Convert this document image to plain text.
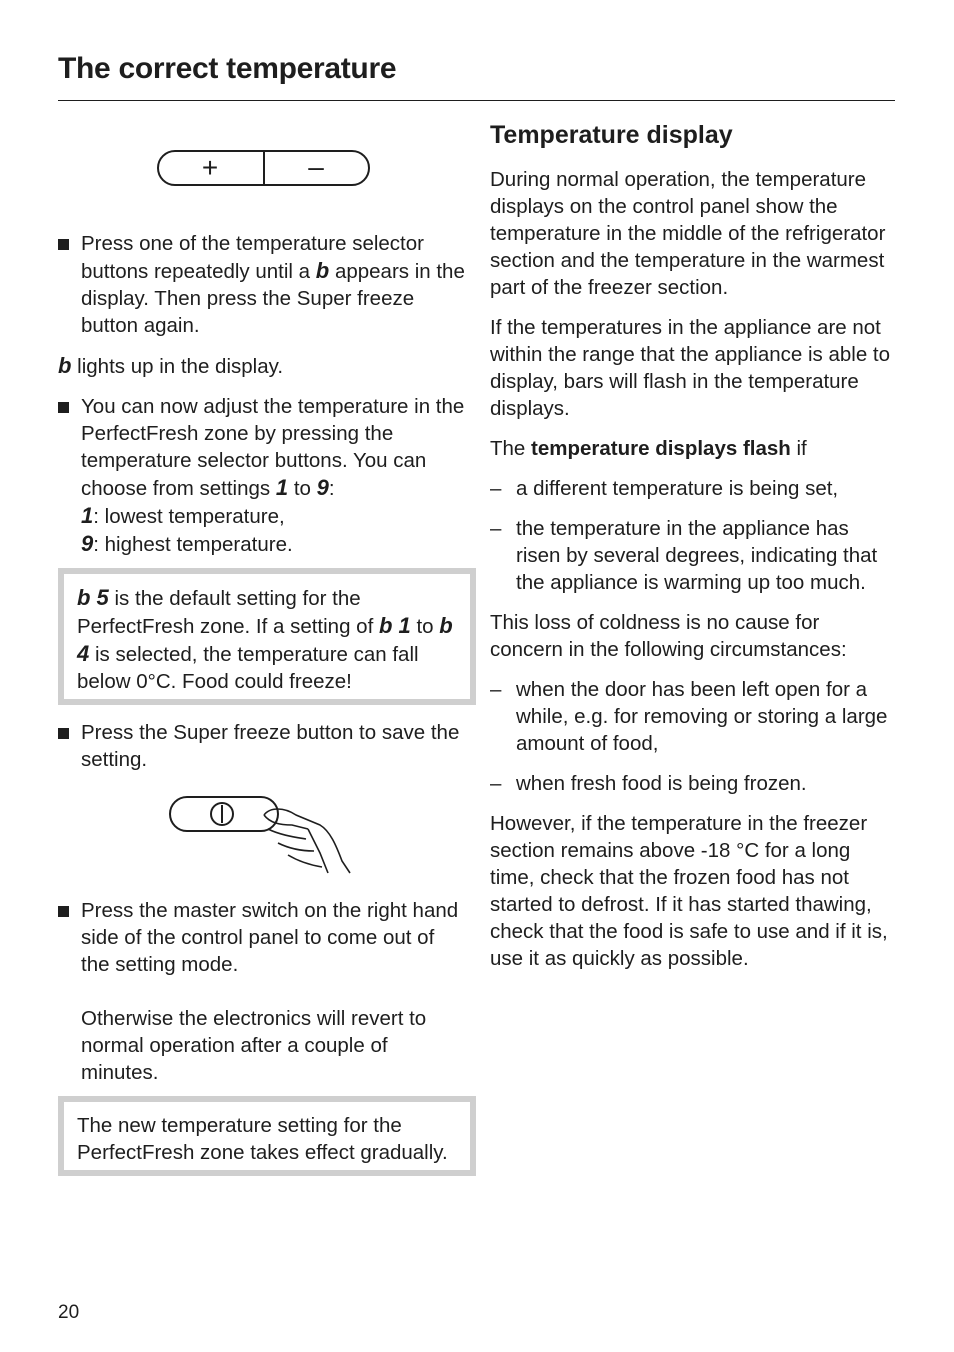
The correct temperature
+	–
Press one of the temperature selector buttons repeatedly until a b appears in the display. Then press the Super freeze button again.

b lights up in the display.

You can now adjust the temperature in the PerfectFresh zone by pressing the temperature selector buttons. You can choose from settings 1 to 9:
1: lowest temperature,
9: highest temperature.
b 5 is the default setting for the PerfectFresh zone. If a setting of b 1 to b 4 is selected, the temperature can fall below 0°C. Food could freeze!
Press the Super freeze button to save the setting.
Press the master switch on the right hand side of the control panel to come out of the setting mode.

Otherwise the electronics will revert to normal operation after a couple of minutes.

The new temperature setting for the PerfectFresh zone takes effect gradually.
Temperature display

During normal operation, the temperature displays on the control panel show the temperature in the middle of the refrigerator section and the temperature in the warmest part of the freezer section.

If the temperatures in the appliance are not within the range that the appliance is able to display, bars will flash in the temperature displays.

The temperature displays flash if

– a different temperature is being set,
– the temperature in the appliance has risen by several degrees, indicating that the appliance is warming up too much.

This loss of coldness is no cause for concern in the following circumstances:

– when the door has been left open for a while, e.g. for removing or storing a large amount of food,
– when fresh food is being frozen.

However, if the temperature in the freezer section remains above -18 °C for a long time, check that the frozen food has not started to defrost. If it has started thawing, check that the food is safe to use and if it is, use it as quickly as possible.

20
